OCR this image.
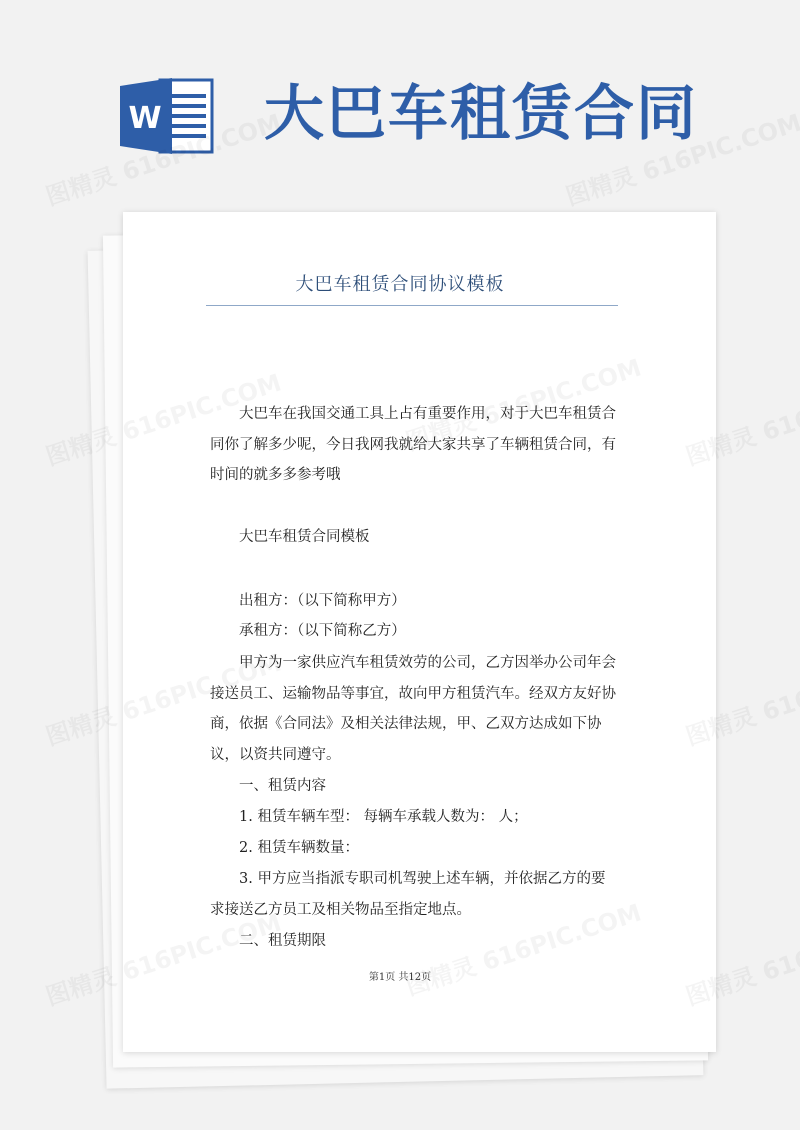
W 大巴车租赁合同
大巴车租赁合同协议模板
大巴车在我国交通工具上占有重要作用，对于大巴车租赁合同你了解多少呢，今日我网我就给大家共享了车辆租赁合同，有时间的就多多参考哦
大巴车租赁合同模板
出租方：（以下简称甲方）
承租方：（以下简称乙方）
甲方为一家供应汽车租赁效劳的公司，乙方因举办公司年会接送员工、运输物品等事宜，故向甲方租赁汽车。经双方友好协商，依据《合同法》及相关法律法规，甲、乙双方达成如下协议，以资共同遵守。
一、租赁内容
1. 租赁车辆车型： 每辆车承载人数为： 人；
2. 租赁车辆数量：
3. 甲方应当指派专职司机驾驶上述车辆，并依据乙方的要求接送乙方员工及相关物品至指定地点。
二、租赁期限
第1页 共12页
